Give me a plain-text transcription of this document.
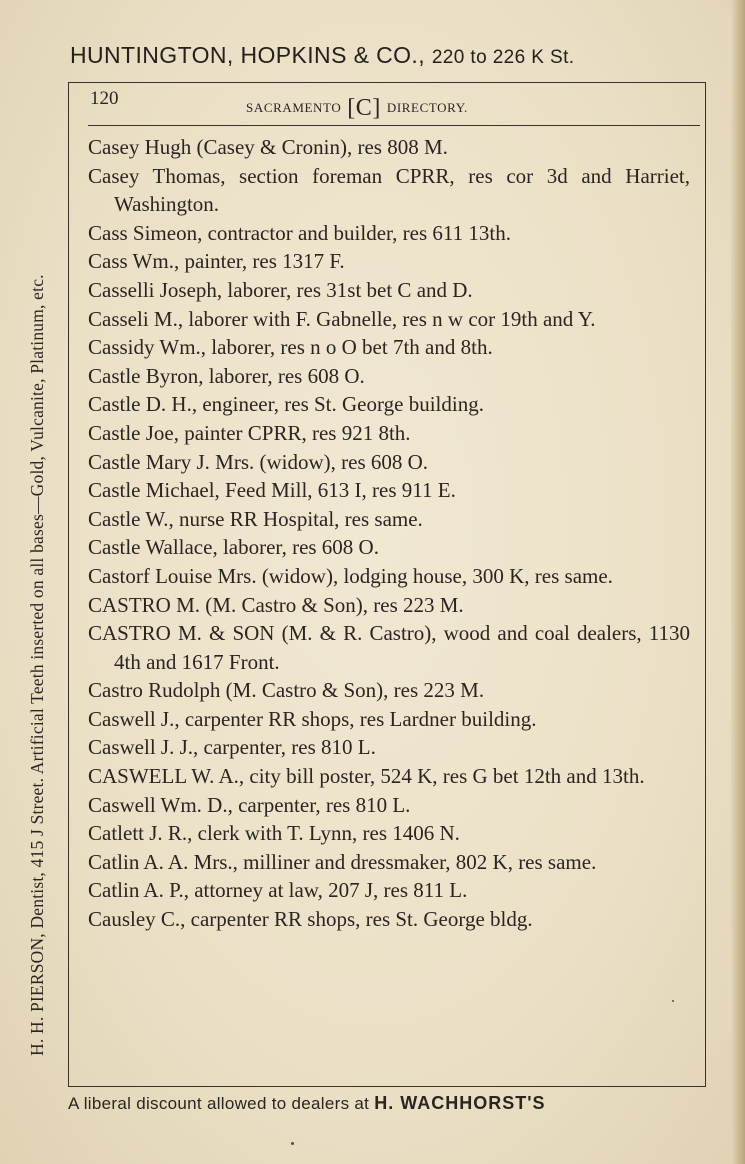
HUNTINGTON, HOPKINS & CO., 220 to 226 K St.
120	SACRAMENTO [C] DIRECTORY.
Casey Hugh (Casey & Cronin), res 808 M.
Casey Thomas, section foreman CPRR, res cor 3d and Harriet, Washington.
Cass Simeon, contractor and builder, res 611 13th.
Cass Wm., painter, res 1317 F.
Casselli Joseph, laborer, res 31st bet C and D.
Casseli M., laborer with F. Gabnelle, res n w cor 19th and Y.
Cassidy Wm., laborer, res n o O bet 7th and 8th.
Castle Byron, laborer, res 608 O.
Castle D. H., engineer, res St. George building.
Castle Joe, painter CPRR, res 921 8th.
Castle Mary J. Mrs. (widow), res 608 O.
Castle Michael, Feed Mill, 613 I, res 911 E.
Castle W., nurse RR Hospital, res same.
Castle Wallace, laborer, res 608 O.
Castorf Louise Mrs. (widow), lodging house, 300 K, res same.
CASTRO M. (M. Castro & Son), res 223 M.
CASTRO M. & SON (M. & R. Castro), wood and coal dealers, 1130 4th and 1617 Front.
Castro Rudolph (M. Castro & Son), res 223 M.
Caswell J., carpenter RR shops, res Lardner building.
Caswell J. J., carpenter, res 810 L.
CASWELL W. A., city bill poster, 524 K, res G bet 12th and 13th.
Caswell Wm. D., carpenter, res 810 L.
Catlett J. R., clerk with T. Lynn, res 1406 N.
Catlin A. A. Mrs., milliner and dressmaker, 802 K, res same.
Catlin A. P., attorney at law, 207 J, res 811 L.
Causley C., carpenter RR shops, res St. George bldg.
H. H. PIERSON, Dentist, 415 J Street. Artificial Teeth inserted on all bases—Gold, Vulcanite, Platinum, etc.
A liberal discount allowed to dealers at H. WACHHORST'S
